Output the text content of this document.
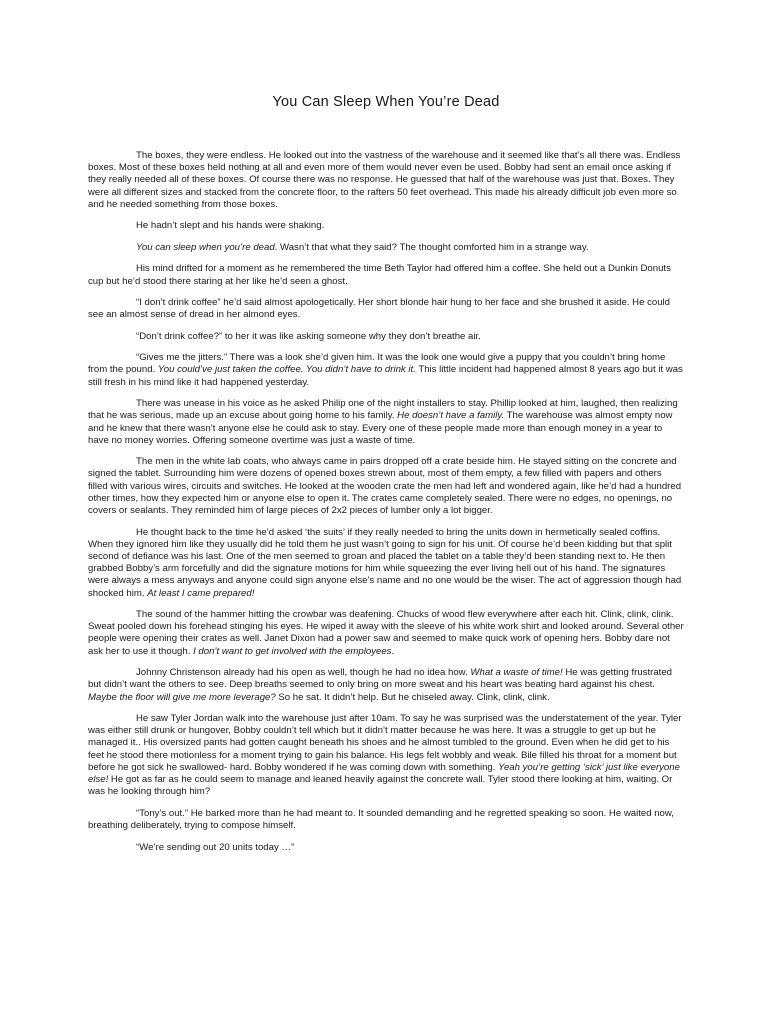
You Can Sleep When You’re Dead

The boxes, they were endless. He looked out into the vastness of the warehouse and it seemed like that’s all there was. Endless boxes. Most of these boxes held nothing at all and even more of them would never even be used. Bobby had sent an email once asking if they really needed all of these boxes. Of course there was no response. He guessed that half of the warehouse was just that. Boxes. They were all different sizes and stacked from the concrete floor, to the rafters 50 feet overhead. This made his already difficult job even more so and he needed something from those boxes.

He hadn’t slept and his hands were shaking.

You can sleep when you’re dead. Wasn’t that what they said? The thought comforted him in a strange way.

His mind drifted for a moment as he remembered the time Beth Taylor had offered him a coffee. She held out a Dunkin Donuts cup but he’d stood there staring at her like he’d seen a ghost.

“I don’t drink coffee” he’d said almost apologetically. Her short blonde hair hung to her face and she brushed it aside. He could see an almost sense of dread in her almond eyes.

“Don’t drink coffee?” to her it was like asking someone why they don’t breathe air.

“Gives me the jitters.” There was a look she’d given him. It was the look one would give a puppy that you couldn’t bring home from the pound. You could’ve just taken the coffee. You didn’t have to drink it. This little incident had happened almost 8 years ago but it was still fresh in his mind like it had happened yesterday.

There was unease in his voice as he asked Philip one of the night installers to stay. Phillip looked at him, laughed, then realizing that he was serious, made up an excuse about going home to his family. He doesn’t have a family. The warehouse was almost empty now and he knew that there wasn’t anyone else he could ask to stay. Every one of these people made more than enough money in a year to have no money worries. Offering someone overtime was just a waste of time.

The men in the white lab coats, who always came in pairs dropped off a crate beside him. He stayed sitting on the concrete and signed the tablet. Surrounding him were dozens of opened boxes strewn about, most of them empty, a few filled with papers and others filled with various wires, circuits and switches. He looked at the wooden crate the men had left and wondered again, like he’d had a hundred other times, how they expected him or anyone else to open it. The crates came completely sealed. There were no edges, no openings, no covers or sealants. They reminded him of large pieces of 2x2 pieces of lumber only a lot bigger.

He thought back to the time he’d asked ‘the suits’ if they really needed to bring the units down in hermetically sealed coffins. When they ignored him like they usually did he told them he just wasn’t going to sign for his unit. Of course he’d been kidding but that split second of defiance was his last. One of the men seemed to groan and placed the tablet on a table they’d been standing next to. He then grabbed Bobby’s arm forcefully and did the signature motions for him while squeezing the ever living hell out of his hand. The signatures were always a mess anyways and anyone could sign anyone else’s name and no one would be the wiser. The act of aggression though had shocked him. At least I came prepared!

The sound of the hammer hitting the crowbar was deafening. Chucks of wood flew everywhere after each hit. Clink, clink, clink. Sweat pooled down his forehead stinging his eyes. He wiped it away with the sleeve of his white work shirt and looked around. Several other people were opening their crates as well. Janet Dixon had a power saw and seemed to make quick work of opening hers. Bobby dare not ask her to use it though. I don’t want to get involved with the employees.

Johnny Christenson already had his open as well, though he had no idea how. What a waste of time! He was getting frustrated but didn’t want the others to see. Deep breaths seemed to only bring on more sweat and his heart was beating hard against his chest. Maybe the floor will give me more leverage? So he sat. It didn’t help. But he chiseled away. Clink, clink, clink.

He saw Tyler Jordan walk into the warehouse just after 10am. To say he was surprised was the understatement of the year. Tyler was either still drunk or hungover, Bobby couldn’t tell which but it didn’t matter because he was here. It was a struggle to get up but he managed it.. His oversized pants had gotten caught beneath his shoes and he almost tumbled to the ground. Even when he did get to his feet he stood there motionless for a moment trying to gain his balance. His legs felt wobbly and weak. Bile filled his throat for a moment but before he got sick he swallowed- hard. Bobby wondered if he was coming down with something. Yeah you’re getting ‘sick’ just like everyone else! He got as far as he could seem to manage and leaned heavily against the concrete wall. Tyler stood there looking at him, waiting. Or was he looking through him?

“Tony’s out.” He barked more than he had meant to. It sounded demanding and he regretted speaking so soon. He waited now, breathing deliberately, trying to compose himself.

“We’re sending out 20 units today …”
